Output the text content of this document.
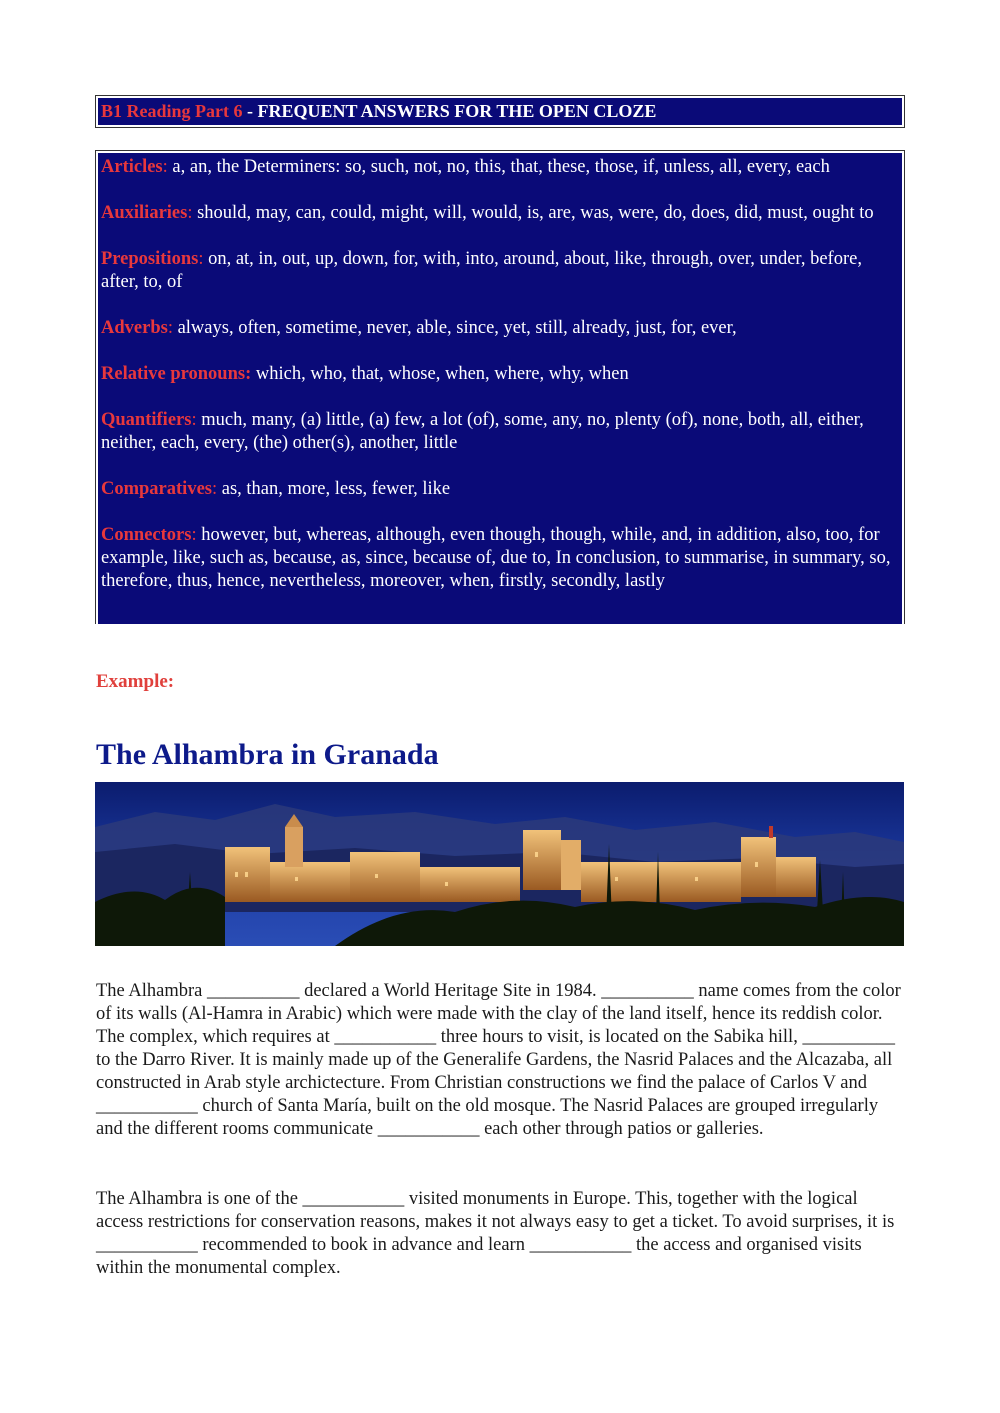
B1 Reading Part 6 - FREQUENT ANSWERS FOR THE OPEN CLOZE

Articles: a, an, the Determiners: so, such, not, no, this, that, these, those, if, unless, all, every, each

Auxiliaries: should, may, can, could, might, will, would, is, are, was, were, do, does, did, must, ought to

Prepositions: on, at, in, out, up, down, for, with, into, around, about, like, through, over, under, before, after, to, of

Adverbs: always, often, sometime, never, able, since, yet, still, already, just, for, ever,

Relative pronouns: which, who, that, whose, when, where, why, when

Quantifiers: much, many, (a) little, (a) few, a lot (of), some, any, no, plenty (of), none, both, all, either, neither, each, every, (the) other(s), another, little

Comparatives: as, than, more, less, fewer, like

Connectors: however, but, whereas, although, even though, though, while, and, in addition, also, too, for example, like, such as, because, as, since, because of, due to, In conclusion, to summarise, in summary, so, therefore, thus, hence, nevertheless, moreover, when, firstly, secondly, lastly

Example:
The Alhambra in Granada

The Alhambra __________ declared a World Heritage Site in 1984. __________ name comes from the color of its walls (Al-Hamra in Arabic) which were made with the clay of the land itself, hence its reddish color. The complex, which requires at ___________ three hours to visit, is located on the Sabika hill, __________ to the Darro River. It is mainly made up of the Generalife Gardens, the Nasrid Palaces and the Alcazaba, all constructed in Arab style archictecture. From Christian constructions we find the palace of Carlos V and ___________ church of Santa María, built on the old mosque. The Nasrid Palaces are grouped irregularly and the different rooms communicate ___________ each other through patios or galleries.

The Alhambra is one of the ___________ visited monuments in Europe. This, together with the logical access restrictions for conservation reasons, makes it not always easy to get a ticket. To avoid surprises, it is ___________ recommended to book in advance and learn ___________ the access and organised visits within the monumental complex.
